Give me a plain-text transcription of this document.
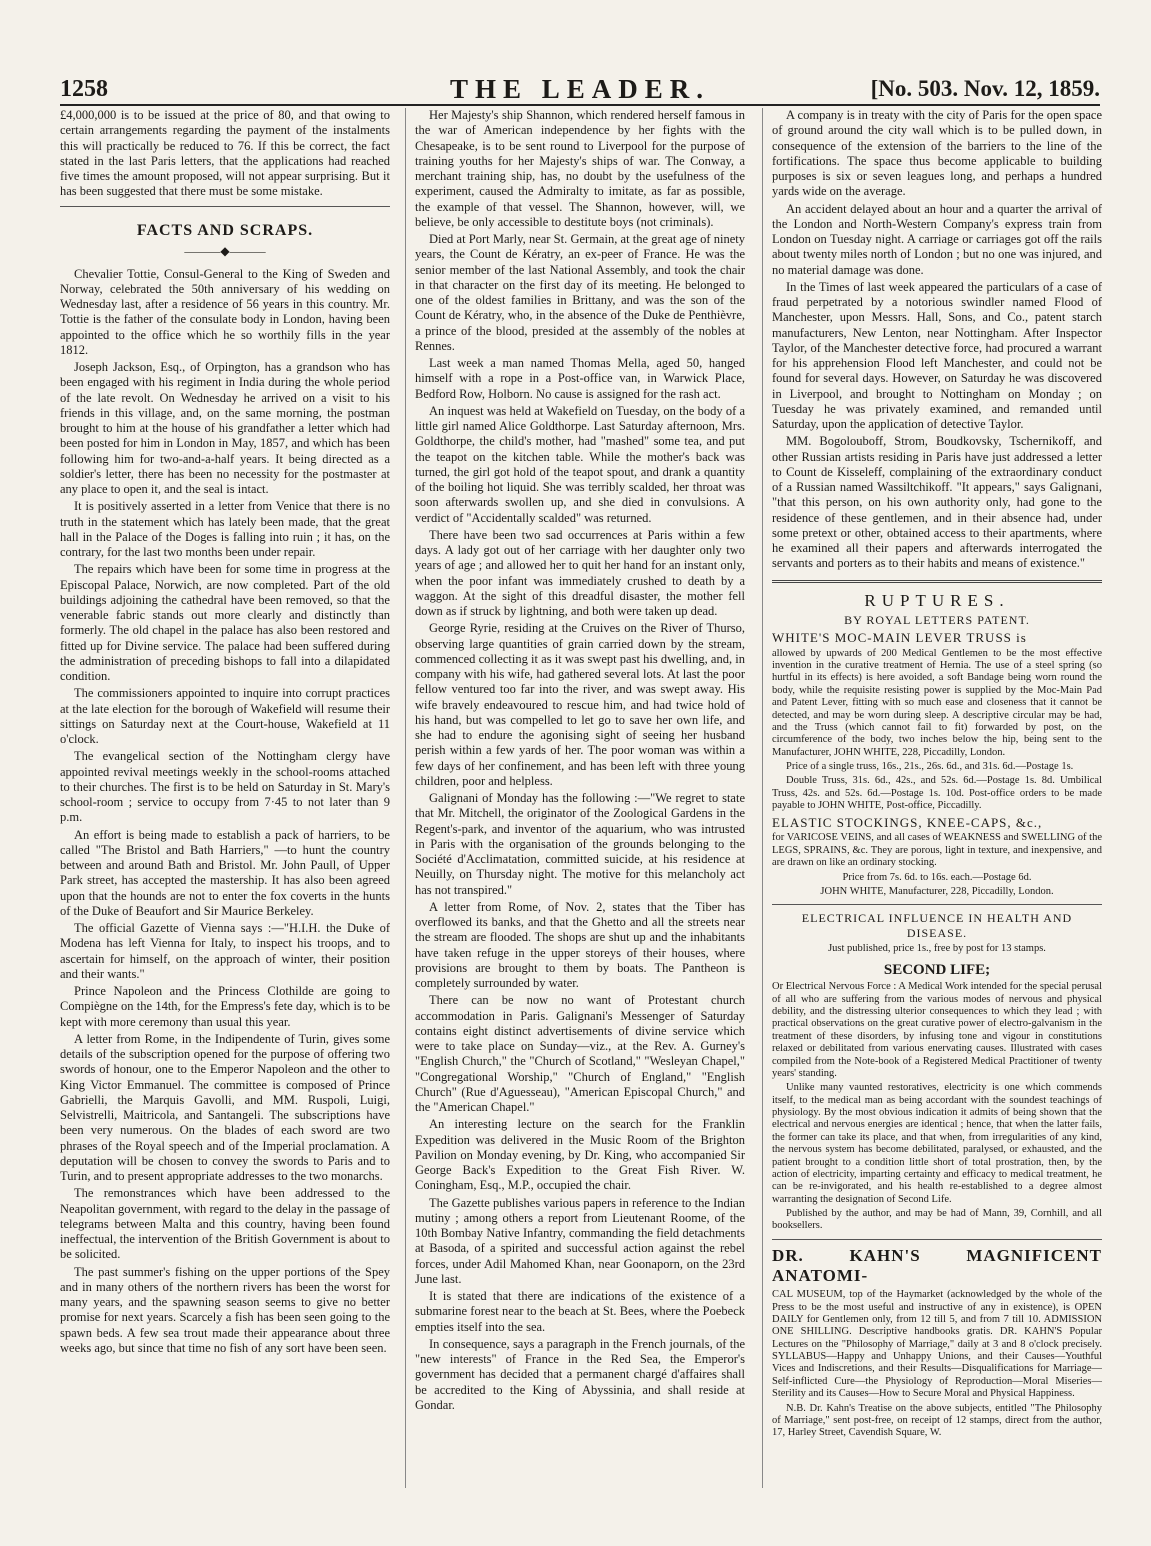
1258	THE LEADER.	[No. 503. Nov. 12, 1859.

£4,000,000 is to be issued at the price of 80, and that owing to certain arrangements regarding the payment of the instalments this will practically be reduced to 76. If this be correct, the fact stated in the last Paris letters, that the applications had reached five times the amount proposed, will not appear surprising. But it has been suggested that there must be some mistake.

FACTS AND SCRAPS.
―――◆―――

Chevalier Tottie, Consul-General to the King of Sweden and Norway, celebrated the 50th anniversary of his wedding on Wednesday last, after a residence of 56 years in this country. Mr. Tottie is the father of the consulate body in London, having been appointed to the office which he so worthily fills in the year 1812.

Joseph Jackson, Esq., of Orpington, has a grandson who has been engaged with his regiment in India during the whole period of the late revolt. On Wednesday he arrived on a visit to his friends in this village, and, on the same morning, the postman brought to him at the house of his grandfather a letter which had been posted for him in London in May, 1857, and which has been following him for two-and-a-half years. It being directed as a soldier's letter, there has been no necessity for the postmaster at any place to open it, and the seal is intact.

It is positively asserted in a letter from Venice that there is no truth in the statement which has lately been made, that the great hall in the Palace of the Doges is falling into ruin ; it has, on the contrary, for the last two months been under repair.

The repairs which have been for some time in progress at the Episcopal Palace, Norwich, are now completed. Part of the old buildings adjoining the cathedral have been removed, so that the venerable fabric stands out more clearly and distinctly than formerly. The old chapel in the palace has also been restored and fitted up for Divine service. The palace had been suffered during the administration of preceding bishops to fall into a dilapidated condition.

The commissioners appointed to inquire into corrupt practices at the late election for the borough of Wakefield will resume their sittings on Saturday next at the Court-house, Wakefield at 11 o'clock.

The evangelical section of the Nottingham clergy have appointed revival meetings weekly in the school-rooms attached to their churches. The first is to be held on Saturday in St. Mary's school-room ; service to occupy from 7·45 to not later than 9 p.m.

An effort is being made to establish a pack of harriers, to be called "The Bristol and Bath Harriers," —to hunt the country between and around Bath and Bristol. Mr. John Paull, of Upper Park street, has accepted the mastership. It has also been agreed upon that the hounds are not to enter the fox coverts in the hunts of the Duke of Beaufort and Sir Maurice Berkeley.

The official Gazette of Vienna says :—"H.I.H. the Duke of Modena has left Vienna for Italy, to inspect his troops, and to ascertain for himself, on the approach of winter, their position and their wants."

Prince Napoleon and the Princess Clothilde are going to Compiègne on the 14th, for the Empress's fete day, which is to be kept with more ceremony than usual this year.

A letter from Rome, in the Indipendente of Turin, gives some details of the subscription opened for the purpose of offering two swords of honour, one to the Emperor Napoleon and the other to King Victor Emmanuel. The committee is composed of Prince Gabrielli, the Marquis Gavolli, and MM. Ruspoli, Luigi, Selvistrelli, Maitricola, and Santangeli. The subscriptions have been very numerous. On the blades of each sword are two phrases of the Royal speech and of the Imperial proclamation. A deputation will be chosen to convey the swords to Paris and to Turin, and to present appropriate addresses to the two monarchs.

The remonstrances which have been addressed to the Neapolitan government, with regard to the delay in the passage of telegrams between Malta and this country, having been found ineffectual, the intervention of the British Government is about to be solicited.

The past summer's fishing on the upper portions of the Spey and in many others of the northern rivers has been the worst for many years, and the spawning season seems to give no better promise for next years. Scarcely a fish has been seen going to the spawn beds. A few sea trout made their appearance about three weeks ago, but since that time no fish of any sort have been seen.

Her Majesty's ship Shannon, which rendered herself famous in the war of American independence by her fights with the Chesapeake, is to be sent round to Liverpool for the purpose of training youths for her Majesty's ships of war. The Conway, a merchant training ship, has, no doubt by the usefulness of the experiment, caused the Admiralty to imitate, as far as possible, the example of that vessel. The Shannon, however, will, we believe, be only accessible to destitute boys (not criminals).

Died at Port Marly, near St. Germain, at the great age of ninety years, the Count de Kératry, an ex-peer of France. He was the senior member of the last National Assembly, and took the chair in that character on the first day of its meeting. He belonged to one of the oldest families in Brittany, and was the son of the Count de Kératry, who, in the absence of the Duke de Penthièvre, a prince of the blood, presided at the assembly of the nobles at Rennes.

Last week a man named Thomas Mella, aged 50, hanged himself with a rope in a Post-office van, in Warwick Place, Bedford Row, Holborn. No cause is assigned for the rash act.

An inquest was held at Wakefield on Tuesday, on the body of a little girl named Alice Goldthorpe. Last Saturday afternoon, Mrs. Goldthorpe, the child's mother, had "mashed" some tea, and put the teapot on the kitchen table. While the mother's back was turned, the girl got hold of the teapot spout, and drank a quantity of the boiling hot liquid. She was terribly scalded, her throat was soon afterwards swollen up, and she died in convulsions. A verdict of "Accidentally scalded" was returned.

There have been two sad occurrences at Paris within a few days. A lady got out of her carriage with her daughter only two years of age ; and allowed her to quit her hand for an instant only, when the poor infant was immediately crushed to death by a waggon. At the sight of this dreadful disaster, the mother fell down as if struck by lightning, and both were taken up dead.

George Ryrie, residing at the Cruives on the River of Thurso, observing large quantities of grain carried down by the stream, commenced collecting it as it was swept past his dwelling, and, in company with his wife, had gathered several lots. At last the poor fellow ventured too far into the river, and was swept away. His wife bravely endeavoured to rescue him, and had twice hold of his hand, but was compelled to let go to save her own life, and she had to endure the agonising sight of seeing her husband perish within a few yards of her. The poor woman was within a few days of her confinement, and has been left with three young children, poor and helpless.

Galignani of Monday has the following :—"We regret to state that Mr. Mitchell, the originator of the Zoological Gardens in the Regent's-park, and inventor of the aquarium, who was intrusted in Paris with the organisation of the grounds belonging to the Société d'Acclimatation, committed suicide, at his residence at Neuilly, on Thursday night. The motive for this melancholy act has not transpired."

A letter from Rome, of Nov. 2, states that the Tiber has overflowed its banks, and that the Ghetto and all the streets near the stream are flooded. The shops are shut up and the inhabitants have taken refuge in the upper storeys of their houses, where provisions are brought to them by boats. The Pantheon is completely surrounded by water.

There can be now no want of Protestant church accommodation in Paris. Galignani's Messenger of Saturday contains eight distinct advertisements of divine service which were to take place on Sunday—viz., at the Rev. A. Gurney's "English Church," the "Church of Scotland," "Wesleyan Chapel," "Congregational Worship," "Church of England," "English Church" (Rue d'Aguesseau), "American Episcopal Church," and the "American Chapel."

An interesting lecture on the search for the Franklin Expedition was delivered in the Music Room of the Brighton Pavilion on Monday evening, by Dr. King, who accompanied Sir George Back's Expedition to the Great Fish River. W. Coningham, Esq., M.P., occupied the chair.

The Gazette publishes various papers in reference to the Indian mutiny ; among others a report from Lieutenant Roome, of the 10th Bombay Native Infantry, commanding the field detachments at Basoda, of a spirited and successful action against the rebel forces, under Adil Mahomed Khan, near Goonaporn, on the 23rd June last.

It is stated that there are indications of the existence of a submarine forest near to the beach at St. Bees, where the Poebeck empties itself into the sea.

In consequence, says a paragraph in the French journals, of the "new interests" of France in the Red Sea, the Emperor's government has decided that a permanent chargé d'affaires shall be accredited to the King of Abyssinia, and shall reside at Gondar.

A company is in treaty with the city of Paris for the open space of ground around the city wall which is to be pulled down, in consequence of the extension of the barriers to the line of the fortifications. The space thus become applicable to building purposes is six or seven leagues long, and perhaps a hundred yards wide on the average.

An accident delayed about an hour and a quarter the arrival of the London and North-Western Company's express train from London on Tuesday night. A carriage or carriages got off the rails about twenty miles north of London ; but no one was injured, and no material damage was done.

In the Times of last week appeared the particulars of a case of fraud perpetrated by a notorious swindler named Flood of Manchester, upon Messrs. Hall, Sons, and Co., patent starch manufacturers, New Lenton, near Nottingham. After Inspector Taylor, of the Manchester detective force, had procured a warrant for his apprehension Flood left Manchester, and could not be found for several days. However, on Saturday he was discovered in Liverpool, and brought to Nottingham on Monday ; on Tuesday he was privately examined, and remanded until Saturday, upon the application of detective Taylor.

MM. Bogolouboff, Strom, Boudkovsky, Tschernikoff, and other Russian artists residing in Paris have just addressed a letter to Count de Kisseleff, complaining of the extraordinary conduct of a Russian named Wassiltchikoff. "It appears," says Galignani, "that this person, on his own authority only, had gone to the residence of these gentlemen, and in their absence had, under some pretext or other, obtained access to their apartments, where he examined all their papers and afterwards interrogated the servants and porters as to their habits and means of existence."

RUPTURES.
BY ROYAL LETTERS PATENT.
WHITE'S MOC-MAIN LEVER TRUSS is

allowed by upwards of 200 Medical Gentlemen to be the most effective invention in the curative treatment of Hernia. The use of a steel spring (so hurtful in its effects) is here avoided, a soft Bandage being worn round the body, while the requisite resisting power is supplied by the Moc-Main Pad and Patent Lever, fitting with so much ease and closeness that it cannot be detected, and may be worn during sleep. A descriptive circular may be had, and the Truss (which cannot fail to fit) forwarded by post, on the circumference of the body, two inches below the hip, being sent to the Manufacturer, JOHN WHITE, 228, Piccadilly, London.

Price of a single truss, 16s., 21s., 26s. 6d., and 31s. 6d.—Postage 1s.

Double Truss, 31s. 6d., 42s., and 52s. 6d.—Postage 1s. 8d. Umbilical Truss, 42s. and 52s. 6d.—Postage 1s. 10d. Post-office orders to be made payable to JOHN WHITE, Post-office, Piccadilly.

ELASTIC STOCKINGS, KNEE-CAPS, &c.,

for VARICOSE VEINS, and all cases of WEAKNESS and SWELLING of the LEGS, SPRAINS, &c. They are porous, light in texture, and inexpensive, and are drawn on like an ordinary stocking.

Price from 7s. 6d. to 16s. each.—Postage 6d.

JOHN WHITE, Manufacturer, 228, Piccadilly, London.

ELECTRICAL INFLUENCE IN HEALTH AND DISEASE.

Just published, price 1s., free by post for 13 stamps.

SECOND LIFE;

Or Electrical Nervous Force : A Medical Work intended for the special perusal of all who are suffering from the various modes of nervous and physical debility, and the distressing ulterior consequences to which they lead ; with practical observations on the great curative power of electro-galvanism in the treatment of these disorders, by infusing tone and vigour in constitutions relaxed or debilitated from various enervating causes. Illustrated with cases compiled from the Note-book of a Registered Medical Practitioner of twenty years' standing.

Unlike many vaunted restoratives, electricity is one which commends itself, to the medical man as being accordant with the soundest teachings of physiology. By the most obvious indication it admits of being shown that the electrical and nervous energies are identical ; hence, that when the latter fails, the former can take its place, and that when, from irregularities of any kind, the nervous system has become debilitated, paralysed, or exhausted, and the patient brought to a condition little short of total prostration, then, by the action of electricity, imparting certainty and efficacy to medical treatment, he can be re-invigorated, and his health re-established to a degree almost warranting the designation of Second Life.

Published by the author, and may be had of Mann, 39, Cornhill, and all booksellers.

DR. KAHN'S MAGNIFICENT ANATOMI-

CAL MUSEUM, top of the Haymarket (acknowledged by the whole of the Press to be the most useful and instructive of any in existence), is OPEN DAILY for Gentlemen only, from 12 till 5, and from 7 till 10. ADMISSION ONE SHILLING. Descriptive handbooks gratis. DR. KAHN'S Popular Lectures on the "Philosophy of Marriage," daily at 3 and 8 o'clock precisely. SYLLABUS—Happy and Unhappy Unions, and their Causes—Youthful Vices and Indiscretions, and their Results—Disqualifications for Marriage—Self-inflicted Cure—the Physiology of Reproduction—Moral Miseries—Sterility and its Causes—How to Secure Moral and Physical Happiness.

N.B. Dr. Kahn's Treatise on the above subjects, entitled "The Philosophy of Marriage," sent post-free, on receipt of 12 stamps, direct from the author, 17, Harley Street, Cavendish Square, W.
